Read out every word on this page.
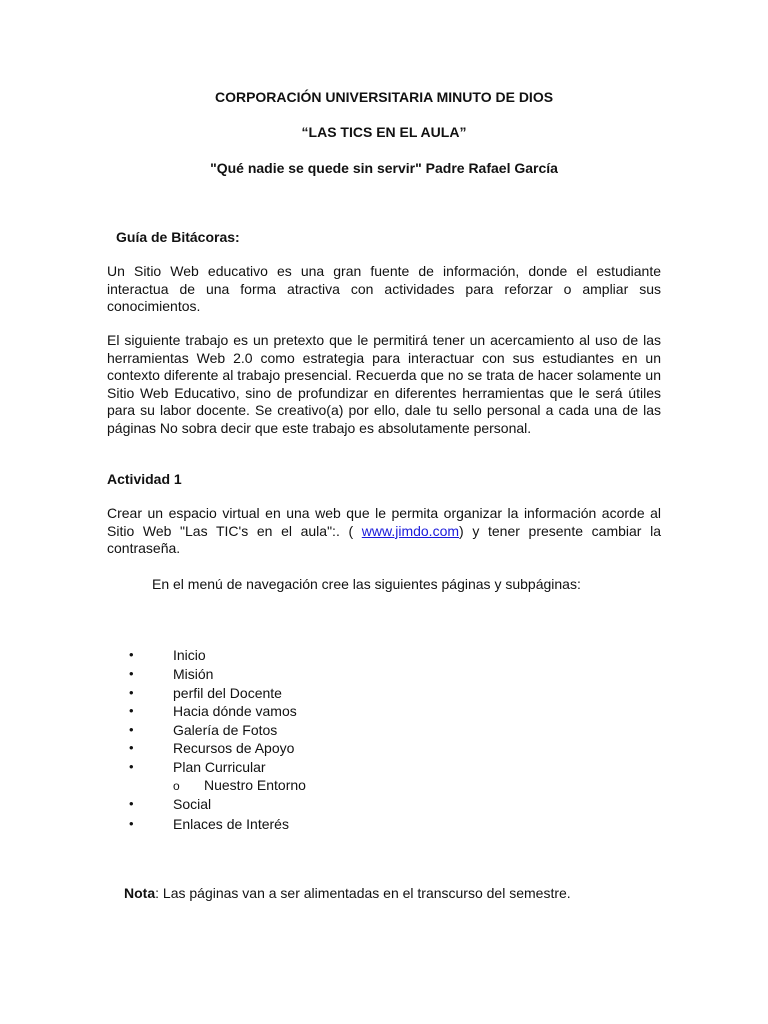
CORPORACIÓN UNIVERSITARIA MINUTO DE DIOS
“LAS TICS EN EL AULA”
"Qué nadie se quede sin servir" Padre Rafael García
Guía de Bitácoras:
Un Sitio Web educativo es una gran fuente de información, donde el estudiante interactua de una forma atractiva con actividades para reforzar o ampliar sus conocimientos.
El siguiente trabajo es un pretexto que le permitirá tener un acercamiento al uso de las herramientas Web 2.0 como estrategia para interactuar con sus estudiantes en un contexto diferente al trabajo presencial. Recuerda que no se trata de hacer solamente un Sitio Web Educativo, sino de profundizar en diferentes herramientas que le será útiles para su labor docente. Se creativo(a) por ello, dale tu sello personal a cada una de las páginas No sobra decir que este trabajo es absolutamente personal.
Actividad 1
Crear un espacio virtual en una web que le permita organizar la información acorde al Sitio Web "Las TIC's en el aula":. ( www.jimdo.com) y tener presente cambiar la contraseña.
En el menú de navegación cree las siguientes páginas y subpáginas:
•	Inicio
•	Misión
•	perfil del Docente
•	Hacia dónde vamos
•	Galería de Fotos
•	Recursos de Apoyo
•	Plan Curricular
o Nuestro Entorno
•	Social
•	Enlaces de Interés
Nota: Las páginas van a ser alimentadas en el transcurso del semestre.
